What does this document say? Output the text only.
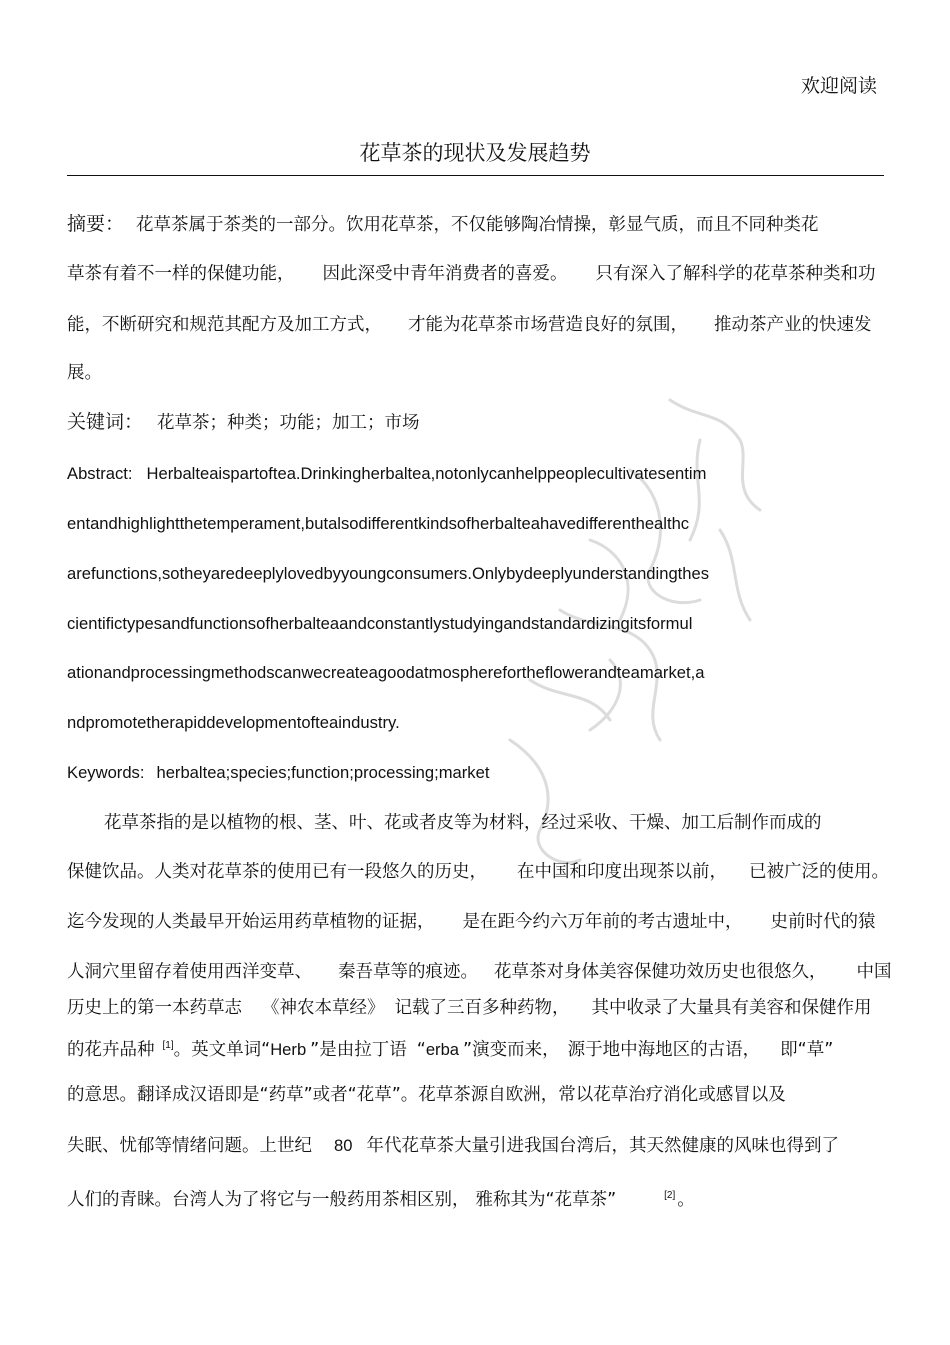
欢迎阅读
花草茶的现状及发展趋势
摘要： 花草茶属于茶类的一部分。饮用花草茶，不仅能够陶冶情操，彰显气质，而且不同种类花
草茶有着不一样的保健功能， 因此深受中青年消费者的喜爱。 只有深入了解科学的花草茶种类和功
能，不断研究和规范其配方及加工方式， 才能为花草茶市场营造良好的氛围， 推动茶产业的快速发
展。
关键词： 花草茶；种类；功能；加工；市场
Abstract: Herbalteaispartoftea.Drinkingherbaltea,notonlycanhelppeoplecultivatesentim
entandhighlightthetemperament,butalsodifferentkindsofherbalteahavedifferenthealthc
arefunctions,sotheyaredeeplylovedbyyoungconsumers.Onlybydeeplyunderstandingthes
cientifictypesandfunctionsofherbalteaandconstantlystudyingandstandardizingitsformul
ationandprocessingmethodscanwecreateagoodatmospherefortheflowerandteamarket,a
ndpromotetherapiddevelopmentofteaindustry.
Keywords: herbaltea;species;function;processing;market
花草茶指的是以植物的根、茎、叶、花或者皮等为材料，经过采收、干燥、加工后制作而成的
保健饮品。人类对花草茶的使用已有一段悠久的历史， 在中国和印度出现茶以前， 已被广泛的使用。
迄今发现的人类最早开始运用药草植物的证据， 是在距今约六万年前的考古遗址中， 史前时代的猿
人洞穴里留存着使用西洋变草、 秦吾草等的痕迹。 花草茶对身体美容保健功效历史也很悠久， 中国
历史上的第一本药草志 《神农本草经》 记载了三百多种药物， 其中收录了大量具有美容和保健作用
的花卉品种 [1]。英文单词“Herb ”是由拉丁语 “erba ”演变而来， 源于地中海地区的古语， 即“草”
的意思。翻译成汉语即是“药草”或者“花草”。花草茶源自欧洲，常以花草治疗消化或感冒以及
失眠、忧郁等情绪问题。上世纪 80 年代花草茶大量引进我国台湾后，其天然健康的风味也得到了
人们的青睐。台湾人为了将它与一般药用茶相区别， 雅称其为“花草茶”	[2] 。
